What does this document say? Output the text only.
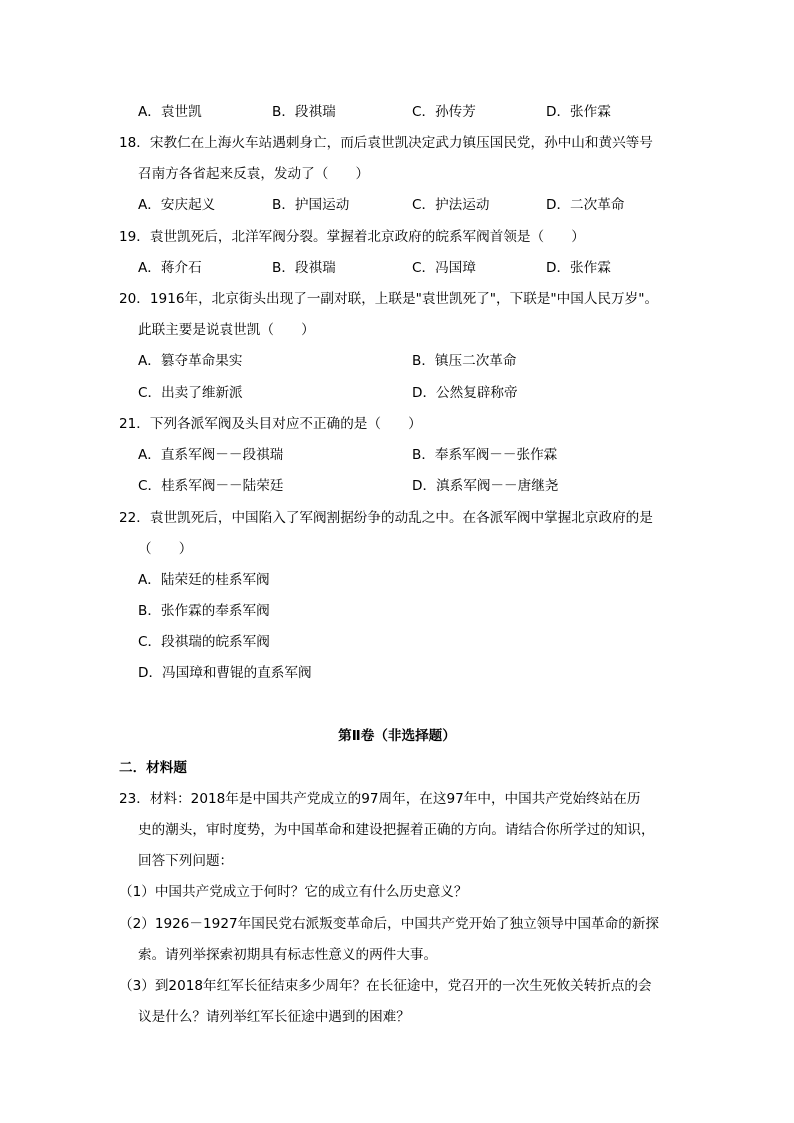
A．袁世凯	B．段祺瑞	C．孙传芳	D．张作霖
18．宋教仁在上海火车站遇刺身亡，而后袁世凯决定武力镇压国民党，孙中山和黄兴等号
召南方各省起来反袁，发动了（　　）
A．安庆起义	B．护国运动	C．护法运动	D．二次革命
19．袁世凯死后，北洋军阀分裂。掌握着北京政府的皖系军阀首领是（　　）
A．蒋介石	B．段祺瑞	C．冯国璋	D．张作霖
20．1916年，北京街头出现了一副对联，上联是"袁世凯死了"，下联是"中国人民万岁"。
此联主要是说袁世凯（　　）
A．篡夺革命果实	B．镇压二次革命
C．出卖了维新派	D．公然复辟称帝
21．下列各派军阀及头目对应不正确的是（　　）
A．直系军阀－－段祺瑞	B．奉系军阀－－张作霖
C．桂系军阀－－陆荣廷	D．滇系军阀－－唐继尧
22．袁世凯死后，中国陷入了军阀割据纷争的动乱之中。在各派军阀中掌握北京政府的是
（　　）
A．陆荣廷的桂系军阀
B．张作霖的奉系军阀
C．段祺瑞的皖系军阀
D．冯国璋和曹锟的直系军阀
第Ⅱ卷（非选择题）
二．材料题
23．材料：2018年是中国共产党成立的97周年，在这97年中，中国共产党始终站在历
史的潮头，审时度势，为中国革命和建设把握着正确的方向。请结合你所学过的知识，
回答下列问题：
（1）中国共产党成立于何时？它的成立有什么历史意义？
（2）1926－1927年国民党右派叛变革命后，中国共产党开始了独立领导中国革命的新探
索。请列举探索初期具有标志性意义的两件大事。
（3）到2018年红军长征结束多少周年？在长征途中，党召开的一次生死攸关转折点的会
议是什么？请列举红军长征途中遇到的困难？
